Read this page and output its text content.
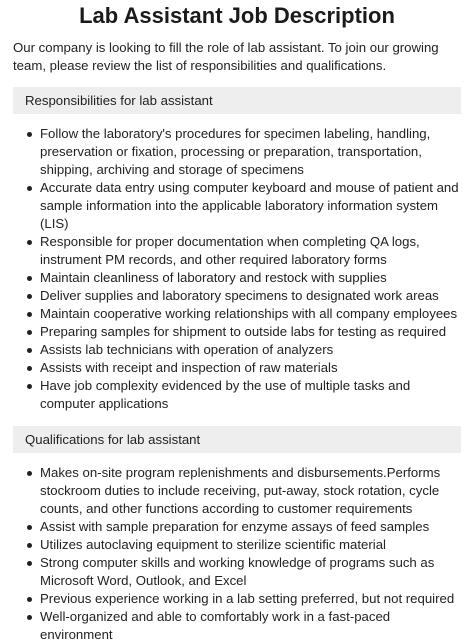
Lab Assistant Job Description

Our company is looking to fill the role of lab assistant. To join our growing team, please review the list of responsibilities and qualifications.

Responsibilities for lab assistant
Follow the laboratory's procedures for specimen labeling, handling, preservation or fixation, processing or preparation, transportation, shipping, archiving and storage of specimens
Accurate data entry using computer keyboard and mouse of patient and sample information into the applicable laboratory information system (LIS)
Responsible for proper documentation when completing QA logs, instrument PM records, and other required laboratory forms
Maintain cleanliness of laboratory and restock with supplies
Deliver supplies and laboratory specimens to designated work areas
Maintain cooperative working relationships with all company employees
Preparing samples for shipment to outside labs for testing as required
Assists lab technicians with operation of analyzers
Assists with receipt and inspection of raw materials
Have job complexity evidenced by the use of multiple tasks and computer applications
Qualifications for lab assistant
Makes on-site program replenishments and disbursements.Performs stockroom duties to include receiving, put-away, stock rotation, cycle counts, and other functions according to customer requirements
Assist with sample preparation for enzyme assays of feed samples
Utilizes autoclaving equipment to sterilize scientific material
Strong computer skills and working knowledge of programs such as Microsoft Word, Outlook, and Excel
Previous experience working in a lab setting preferred, but not required
Well-organized and able to comfortably work in a fast-paced environment
